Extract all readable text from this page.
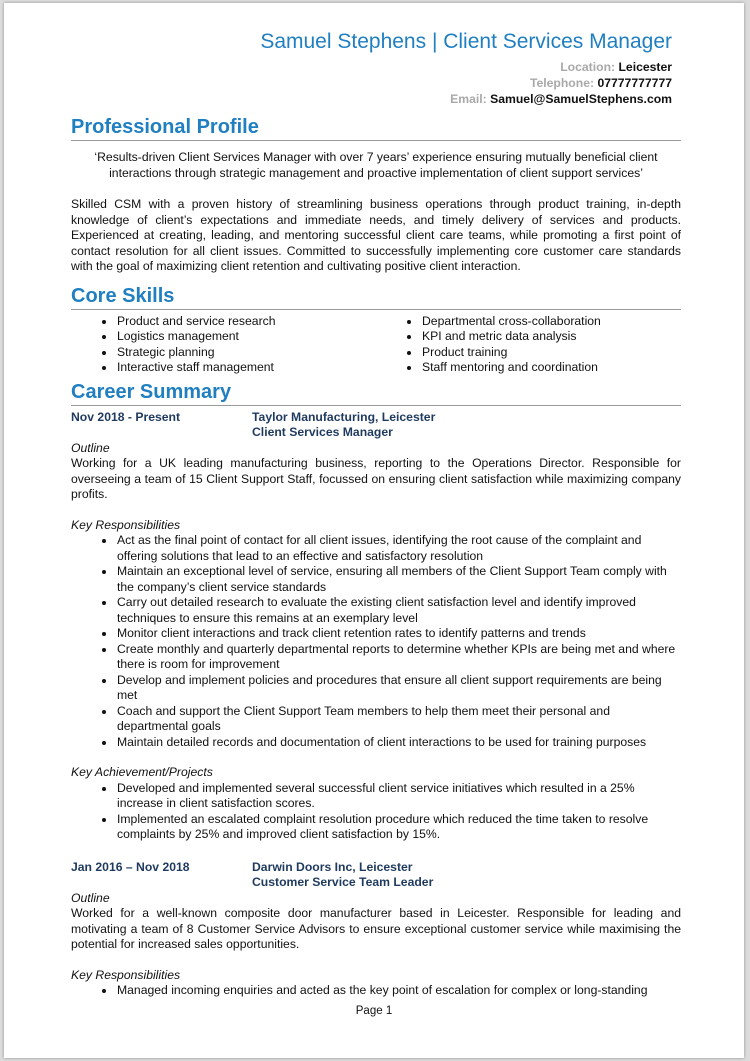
Samuel Stephens | Client Services Manager
Location: Leicester
Telephone: 07777777777
Email: Samuel@SamuelStephens.com
Professional Profile

‘Results-driven Client Services Manager with over 7 years’ experience ensuring mutually beneficial client interactions through strategic management and proactive implementation of client support services’

Skilled CSM with a proven history of streamlining business operations through product training, in-depth knowledge of client’s expectations and immediate needs, and timely delivery of services and products. Experienced at creating, leading, and mentoring successful client care teams, while promoting a first point of contact resolution for all client issues. Committed to successfully implementing core customer care standards with the goal of maximizing client retention and cultivating positive client interaction.

Core Skills
• Product and service research
• Logistics management
• Strategic planning
• Interactive staff management
• Departmental cross-collaboration
• KPI and metric data analysis
• Product training
• Staff mentoring and coordination
Career Summary
Nov 2018 - Present	Taylor Manufacturing, Leicester
Client Services Manager

Outline

Working for a UK leading manufacturing business, reporting to the Operations Director. Responsible for overseeing a team of 15 Client Support Staff, focussed on ensuring client satisfaction while maximizing company profits.

Key Responsibilities

• Act as the final point of contact for all client issues, identifying the root cause of the complaint and offering solutions that lead to an effective and satisfactory resolution
• Maintain an exceptional level of service, ensuring all members of the Client Support Team comply with the company’s client service standards
• Carry out detailed research to evaluate the existing client satisfaction level and identify improved techniques to ensure this remains at an exemplary level
• Monitor client interactions and track client retention rates to identify patterns and trends
• Create monthly and quarterly departmental reports to determine whether KPIs are being met and where there is room for improvement
• Develop and implement policies and procedures that ensure all client support requirements are being met
• Coach and support the Client Support Team members to help them meet their personal and departmental goals
• Maintain detailed records and documentation of client interactions to be used for training purposes

Key Achievement/Projects

• Developed and implemented several successful client service initiatives which resulted in a 25% increase in client satisfaction scores.
• Implemented an escalated complaint resolution procedure which reduced the time taken to resolve complaints by 25% and improved client satisfaction by 15%.
Jan 2016 – Nov 2018	Darwin Doors Inc, Leicester
Customer Service Team Leader

Outline

Worked for a well-known composite door manufacturer based in Leicester. Responsible for leading and motivating a team of 8 Customer Service Advisors to ensure exceptional customer service while maximising the potential for increased sales opportunities.

Key Responsibilities

• Managed incoming enquiries and acted as the key point of escalation for complex or long-standing
Page 1
